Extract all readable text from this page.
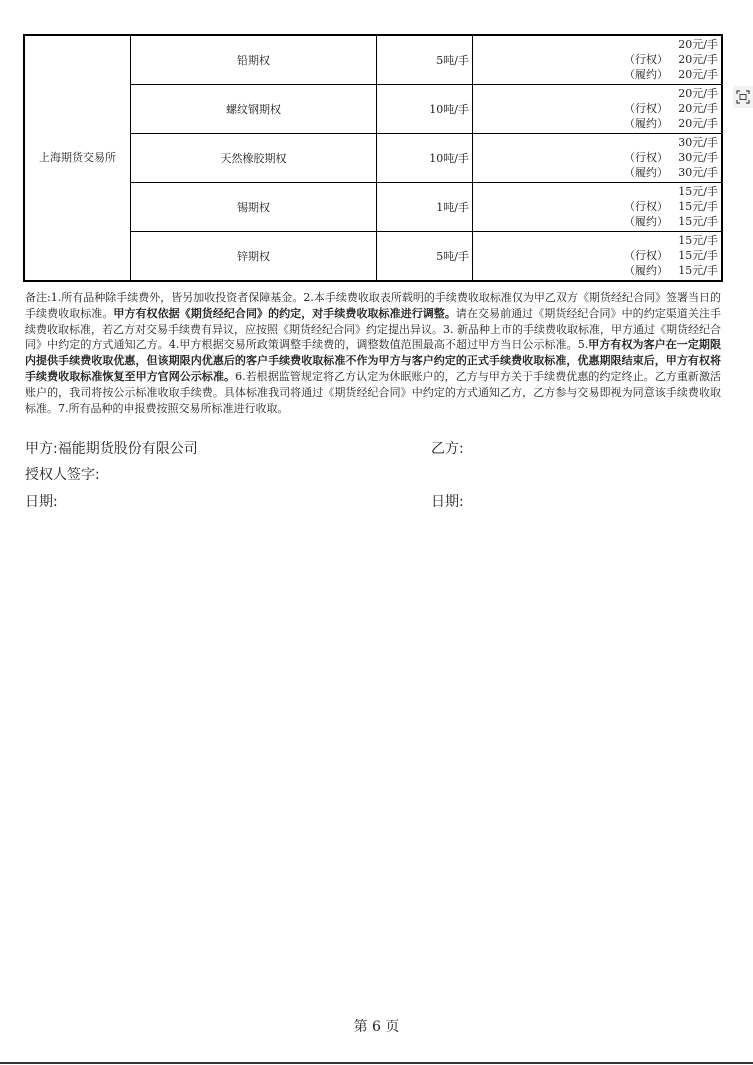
上海期货交易所	铅期权	5吨/手	20元/手
（行权） 20元/手
（履约） 20元/手

	螺纹钢期权	10吨/手	20元/手
（行权） 20元/手
（履约） 20元/手

	天然橡胶期权	10吨/手	30元/手
（行权） 30元/手
（履约） 30元/手

	锡期权	1吨/手	15元/手
（行权） 15元/手
（履约） 15元/手

	锌期权	5吨/手	15元/手
（行权） 15元/手
（履约） 15元/手
备注:1.所有品种除手续费外，皆另加收投资者保障基金。2.本手续费收取表所载明的手续费收取标准仅为甲乙双方《期货经纪合同》签署当日的手续费收取标准。甲方有权依据《期货经纪合同》的约定，对手续费收取标准进行调整。请在交易前通过《期货经纪合同》中的约定渠道关注手续费收取标准，若乙方对交易手续费有异议，应按照《期货经纪合同》约定提出异议。3. 新品种上市的手续费收取标准，甲方通过《期货经纪合同》中约定的方式通知乙方。4.甲方根据交易所政策调整手续费的，调整数值范围最高不超过甲方当日公示标准。5.甲方有权为客户在一定期限内提供手续费收取优惠，但该期限内优惠后的客户手续费收取标准不作为甲方与客户约定的正式手续费收取标准，优惠期限结束后，甲方有权将手续费收取标准恢复至甲方官网公示标准。6.若根据监管规定将乙方认定为休眠账户的，乙方与甲方关于手续费优惠的约定终止。乙方重新激活账户的，我司将按公示标准收取手续费。具体标准我司将通过《期货经纪合同》中约定的方式通知乙方，乙方参与交易即视为同意该手续费收取标准。7.所有品种的申报费按照交易所标准进行收取。
甲方:福能期货股份有限公司	乙方:
授权人签字:
日期:	日期:
第 6 页
